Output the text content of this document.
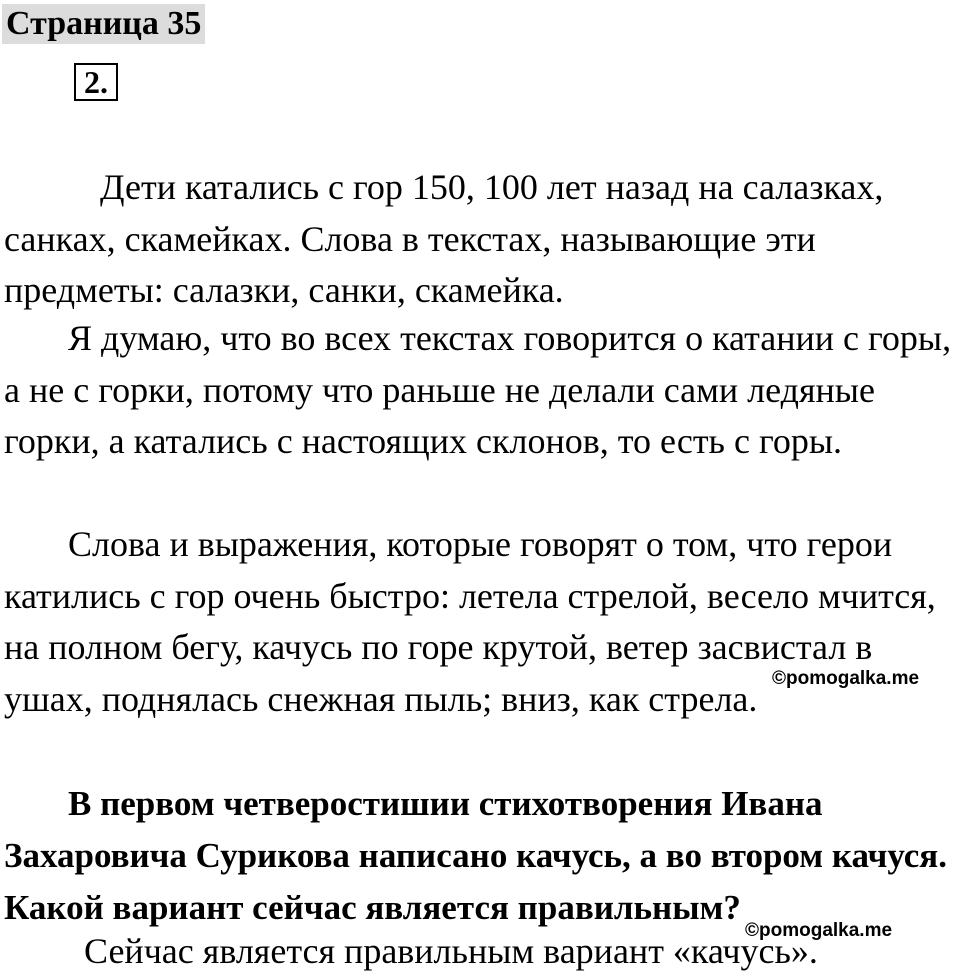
Страница 35
2.

Дети катались с гор 150, 100 лет назад на салазках, санках, скамейках. Слова в текстах, называющие эти предметы: салазки, санки, скамейка.

Я думаю, что во всех текстах говорится о катании с горы, а не с горки, потому что раньше не делали сами ледяные горки, а катались с настоящих склонов, то есть с горы.

Слова и выражения, которые говорят о том, что герои катились с гор очень быстро: летела стрелой, весело мчится, на полном бегу, качусь по горе крутой, ветер засвистал в ушах, поднялась снежная пыль; вниз, как стрела.

В первом четверостишии стихотворения Ивана Захаровича Сурикова написано качусь, а во втором качуся. Какой вариант сейчас является правильным?

Сейчас является правильным вариант «качусь».

©pomogalka.me
©pomogalka.me
